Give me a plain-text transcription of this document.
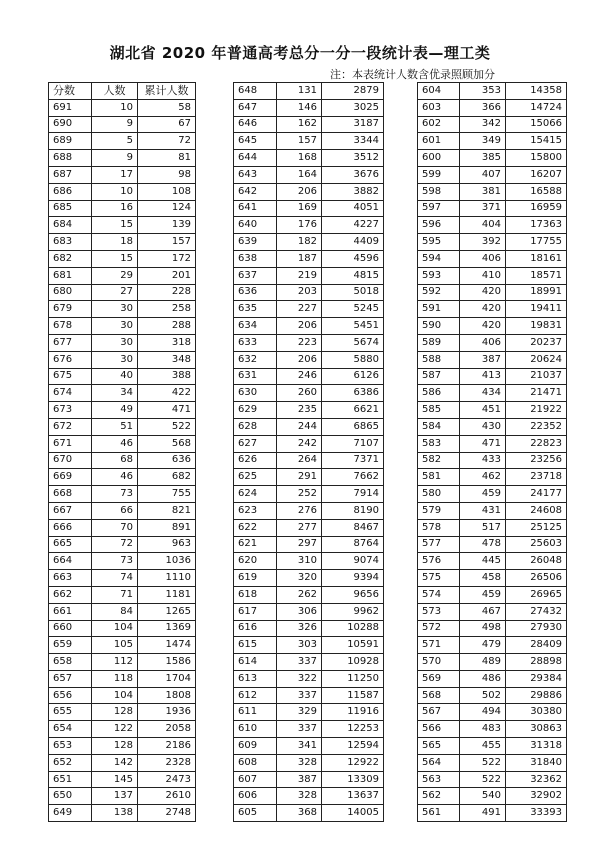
湖北省 2020 年普通高考总分一分一段统计表—理工类
注：本表统计人数含优录照顾加分
分数	人数	累计人数
691	10	58
690	9	67
689	5	72
688	9	81
687	17	98
686	10	108
685	16	124
684	15	139
683	18	157
682	15	172
681	29	201
680	27	228
679	30	258
678	30	288
677	30	318
676	30	348
675	40	388
674	34	422
673	49	471
672	51	522
671	46	568
670	68	636
669	46	682
668	73	755
667	66	821
666	70	891
665	72	963
664	73	1036
663	74	1110
662	71	1181
661	84	1265
660	104	1369
659	105	1474
658	112	1586
657	118	1704
656	104	1808
655	128	1936
654	122	2058
653	128	2186
652	142	2328
651	145	2473
650	137	2610
649	138	2748
648	131	2879
647	146	3025
646	162	3187
645	157	3344
644	168	3512
643	164	3676
642	206	3882
641	169	4051
640	176	4227
639	182	4409
638	187	4596
637	219	4815
636	203	5018
635	227	5245
634	206	5451
633	223	5674
632	206	5880
631	246	6126
630	260	6386
629	235	6621
628	244	6865
627	242	7107
626	264	7371
625	291	7662
624	252	7914
623	276	8190
622	277	8467
621	297	8764
620	310	9074
619	320	9394
618	262	9656
617	306	9962
616	326	10288
615	303	10591
614	337	10928
613	322	11250
612	337	11587
611	329	11916
610	337	12253
609	341	12594
608	328	12922
607	387	13309
606	328	13637
605	368	14005
604	353	14358
603	366	14724
602	342	15066
601	349	15415
600	385	15800
599	407	16207
598	381	16588
597	371	16959
596	404	17363
595	392	17755
594	406	18161
593	410	18571
592	420	18991
591	420	19411
590	420	19831
589	406	20237
588	387	20624
587	413	21037
586	434	21471
585	451	21922
584	430	22352
583	471	22823
582	433	23256
581	462	23718
580	459	24177
579	431	24608
578	517	25125
577	478	25603
576	445	26048
575	458	26506
574	459	26965
573	467	27432
572	498	27930
571	479	28409
570	489	28898
569	486	29384
568	502	29886
567	494	30380
566	483	30863
565	455	31318
564	522	31840
563	522	32362
562	540	32902
561	491	33393
